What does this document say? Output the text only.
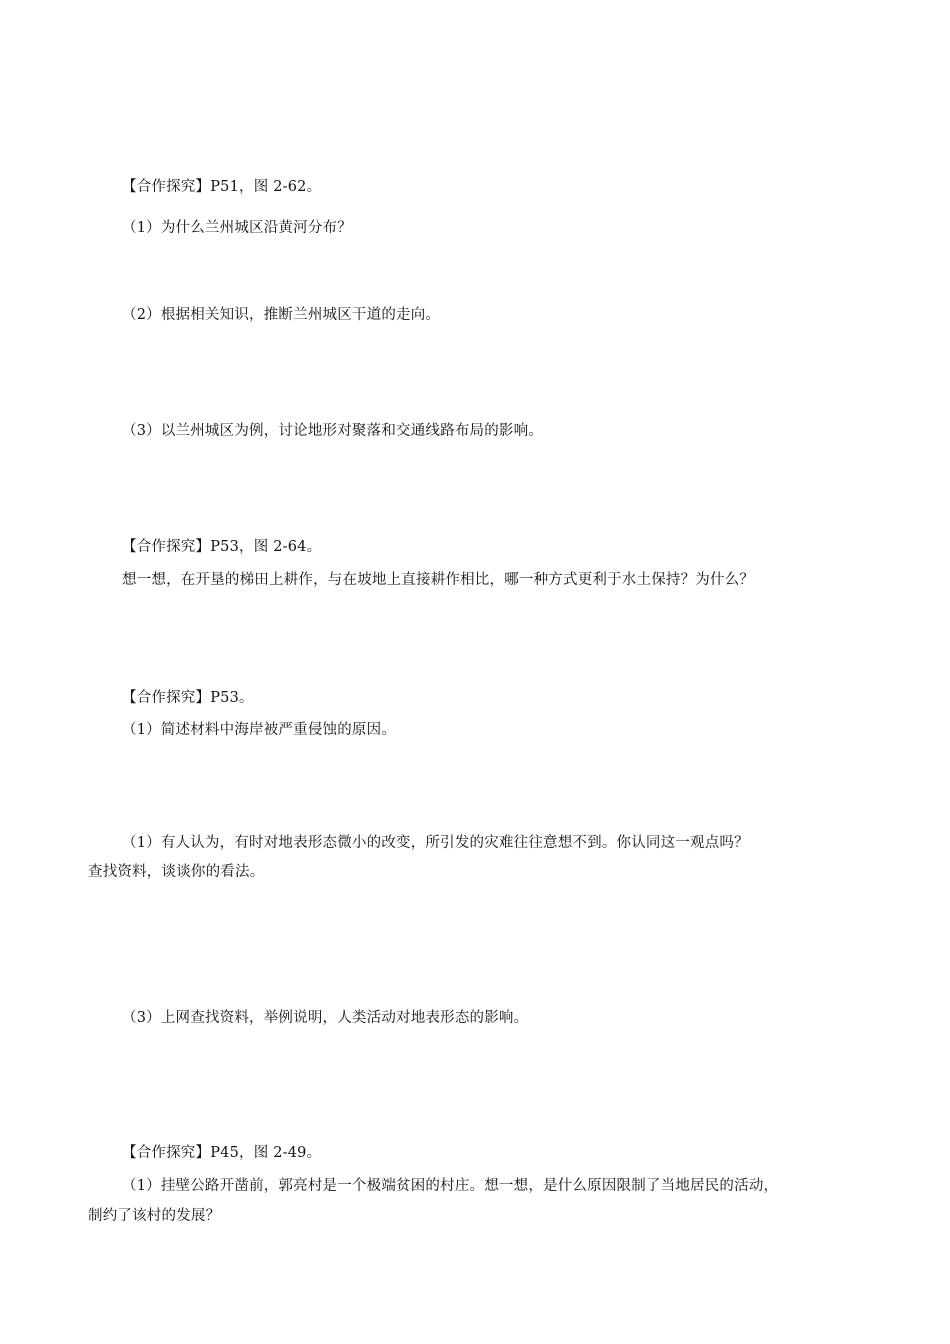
【合作探究】P51，图 2-62。
（1）为什么兰州城区沿黄河分布？
（2）根据相关知识，推断兰州城区干道的走向。
（3）以兰州城区为例，讨论地形对聚落和交通线路布局的影响。
【合作探究】P53，图 2-64。
想一想，在开垦的梯田上耕作，与在坡地上直接耕作相比，哪一种方式更利于水土保持？为什么？
【合作探究】P53。
（1）简述材料中海岸被严重侵蚀的原因。
（1）有人认为，有时对地表形态微小的改变，所引发的灾难往往意想不到。你认同这一观点吗？
查找资料，谈谈你的看法。
（3）上网查找资料，举例说明，人类活动对地表形态的影响。
【合作探究】P45，图 2-49。
（1）挂壁公路开凿前，郭亮村是一个极端贫困的村庄。想一想，是什么原因限制了当地居民的活动，
制约了该村的发展？
